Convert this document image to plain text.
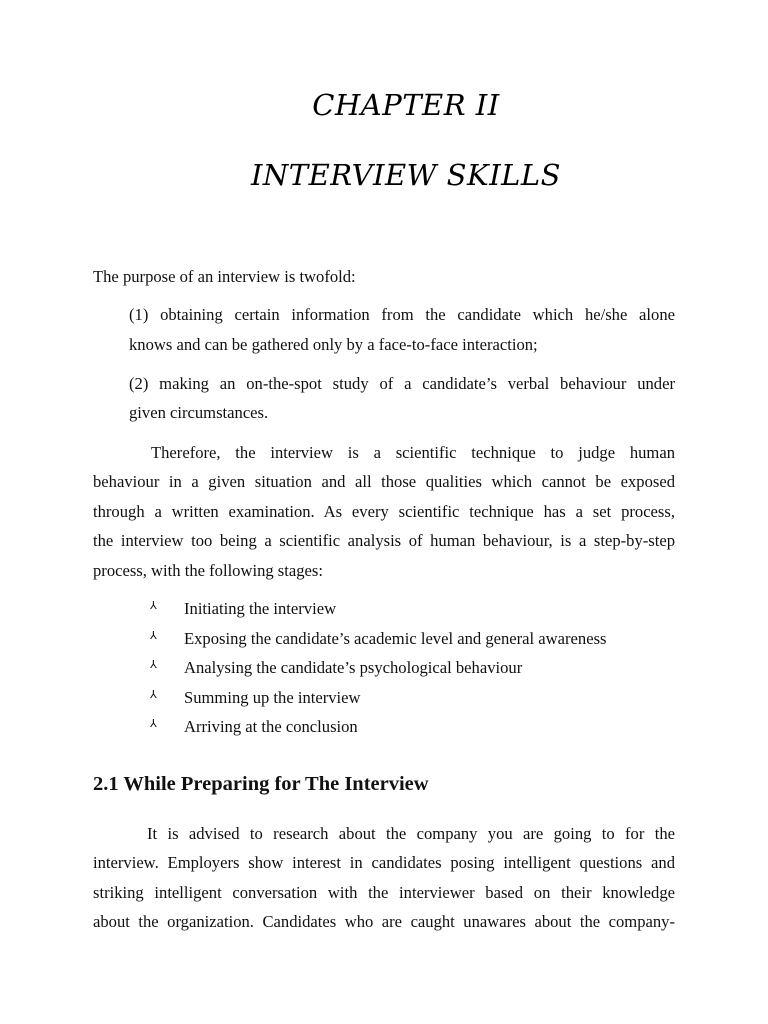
CHAPTER II
INTERVIEW SKILLS
The purpose of an interview is twofold:
(1) obtaining certain information from the candidate which he/she alone
knows and can be gathered only by a face-to-face interaction;
(2) making an on-the-spot study of a candidate’s verbal behaviour under
given circumstances.
Therefore, the interview is a scientific technique to judge human
behaviour in a given situation and all those qualities which cannot be exposed
through a written examination. As every scientific technique has a set process,
the interview too being a scientific analysis of human behaviour, is a step-by-step
process, with the following stages:
⅄	Initiating the interview
⅄	Exposing the candidate’s academic level and general awareness
⅄	Analysing the candidate’s psychological behaviour
⅄	Summing up the interview
⅄	Arriving at the conclusion
2.1 While Preparing for The Interview
It is advised to research about the company you are going to for the
interview. Employers show interest in candidates posing intelligent questions and
striking intelligent conversation with the interviewer based on their knowledge
about the organization. Candidates who are caught unawares about the company-
